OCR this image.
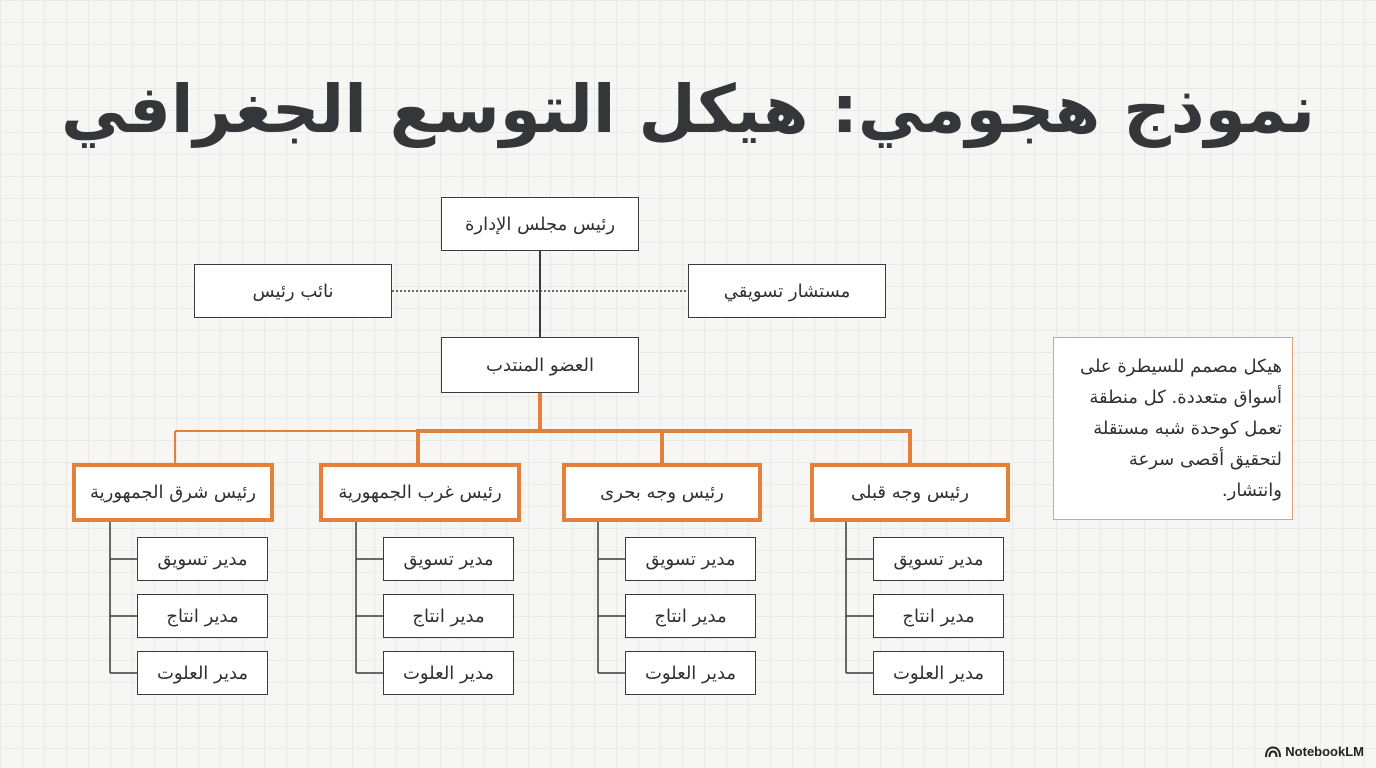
نموذج هجومي: هيكل التوسع الجغرافي
رئيس مجلس الإدارة
نائب رئيس	مستشار تسويقي
العضو المنتدب
رئيس وجه قبلى
رئيس وجه بحرى
رئيس غرب الجمهورية
رئيس شرق الجمهورية
مدير تسويق
مدير انتاج
مدير العلوت
مدير تسويق
مدير انتاج
مدير العلوت
مدير تسويق
مدير انتاج
مدير العلوت
مدير تسويق
مدير انتاج
مدير العلوت
هيكل مصمم للسيطرة على أسواق متعددة. كل منطقة تعمل كوحدة شبه مستقلة لتحقيق أقصى سرعة وانتشار.
NotebookLM
